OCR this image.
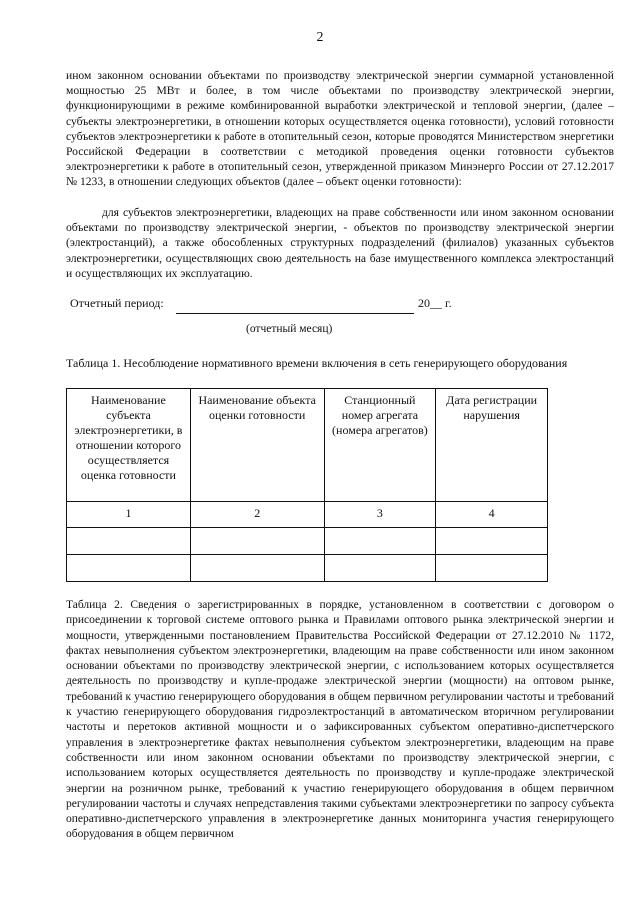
2

ином законном основании объектами по производству электрической энергии суммарной установленной мощностью 25 МВт и более, в том числе объектами по производству электрической энергии, функционирующими в режиме комбинированной выработки электрической и тепловой энергии, (далее – субъекты электроэнергетики, в отношении которых осуществляется оценка готовности), условий готовности субъектов электроэнергетики к работе в отопительный сезон, которые проводятся Министерством энергетики Российской Федерации в соответствии с методикой проведения оценки готовности субъектов электроэнергетики к работе в отопительный сезон, утвержденной приказом Минэнерго России от 27.12.2017 № 1233, в отношении следующих объектов (далее – объект оценки готовности):

для субъектов электроэнергетики, владеющих на праве собственности или ином законном основании объектами по производству электрической энергии, - объектов по производству электрической энергии (электростанций), а также обособленных структурных подразделений (филиалов) указанных субъектов электроэнергетики, осуществляющих свою деятельность на базе имущественного комплекса электростанций и осуществляющих их эксплуатацию.

Отчетный период:	20__ г.
(отчетный месяц)
Таблица 1. Несоблюдение нормативного времени включения в сеть генерирующего оборудования
Наименование субъекта электроэнергетики, в отношении которого осуществляется оценка готовности	Наименование объекта оценки готовности	Станционный номер агрегата (номера агрегатов)	Дата регистрации нарушения
1	2	3	4

Таблица 2. Сведения о зарегистрированных в порядке, установленном в соответствии с договором о присоединении к торговой системе оптового рынка и Правилами оптового рынка электрической энергии и мощности, утвержденными постановлением Правительства Российской Федерации от 27.12.2010 № 1172, фактах невыполнения субъектом электроэнергетики, владеющим на праве собственности или ином законном основании объектами по производству электрической энергии, с использованием которых осуществляется деятельность по производству и купле-продаже электрической энергии (мощности) на оптовом рынке, требований к участию генерирующего оборудования в общем первичном регулировании частоты и требований к участию генерирующего оборудования гидроэлектростанций в автоматическом вторичном регулировании частоты и перетоков активной мощности и о зафиксированных субъектом оперативно-диспетчерского управления в электроэнергетике фактах невыполнения субъектом электроэнергетики, владеющим на праве собственности или ином законном основании объектами по производству электрической энергии, с использованием которых осуществляется деятельность по производству и купле-продаже электрической энергии на розничном рынке, требований к участию генерирующего оборудования в общем первичном регулировании частоты и случаях непредставления такими субъектами электроэнергетики по запросу субъекта оперативно-диспетчерского управления в электроэнергетике данных мониторинга участия генерирующего оборудования в общем первичном
